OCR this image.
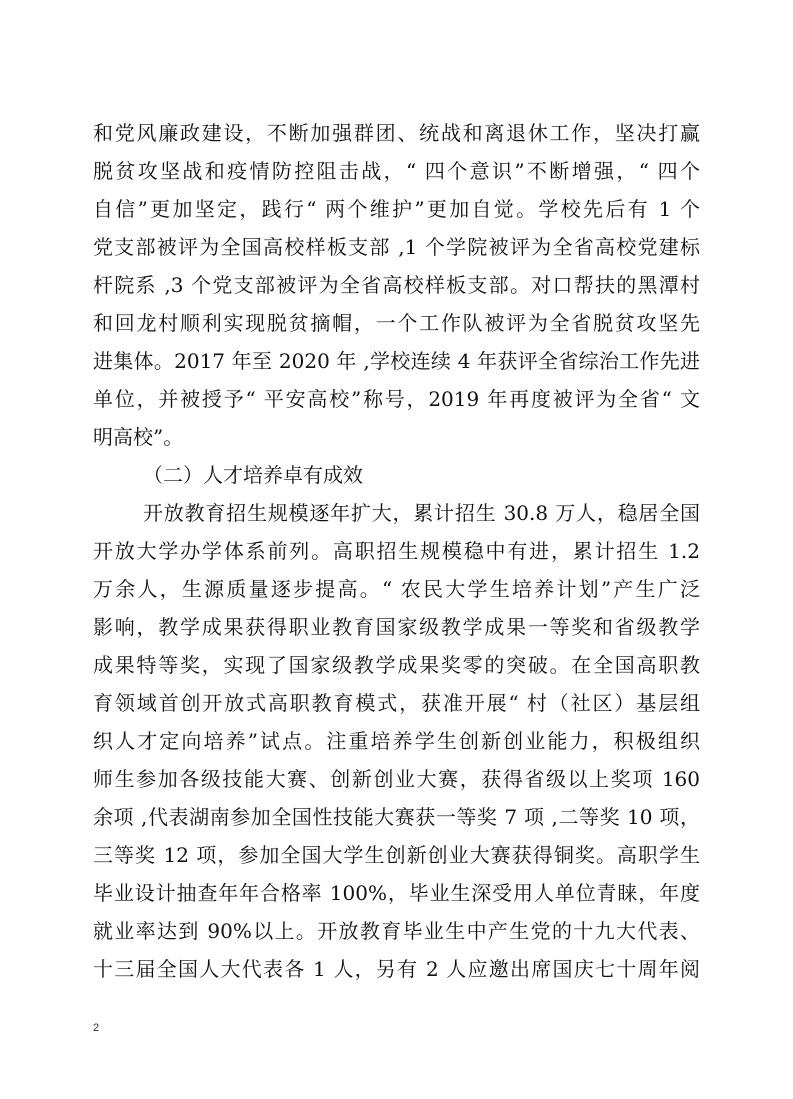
和党风廉政建设，不断加强群团、统战和离退休工作，坚决打赢
脱贫攻坚战和疫情防控阻击战，“ 四个意识”不断增强，“ 四个
自信”更加坚定，践行“ 两个维护”更加自觉。学校先后有 1 个
党支部被评为全国高校样板支部 ,1 个学院被评为全省高校党建标
杆院系 ,3 个党支部被评为全省高校样板支部。对口帮扶的黑潭村
和回龙村顺利实现脱贫摘帽，一个工作队被评为全省脱贫攻坚先
进集体。2017 年至 2020 年 ,学校连续 4 年获评全省综治工作先进
单位，并被授予“ 平安高校”称号，2019 年再度被评为全省“ 文
明高校”。
（二）人才培养卓有成效
开放教育招生规模逐年扩大，累计招生 30.8 万人，稳居全国
开放大学办学体系前列。高职招生规模稳中有进，累计招生 1.2
万余人，生源质量逐步提高。“ 农民大学生培养计划”产生广泛
影响，教学成果获得职业教育国家级教学成果一等奖和省级教学
成果特等奖，实现了国家级教学成果奖零的突破。在全国高职教
育领域首创开放式高职教育模式，获准开展“ 村（社区）基层组
织人才定向培养”试点。注重培养学生创新创业能力，积极组织
师生参加各级技能大赛、创新创业大赛，获得省级以上奖项 160
余项 ,代表湖南参加全国性技能大赛获一等奖 7 项 ,二等奖 10 项，
三等奖 12 项，参加全国大学生创新创业大赛获得铜奖。高职学生
毕业设计抽查年年合格率 100%，毕业生深受用人单位青睐，年度
就业率达到 90%以上。开放教育毕业生中产生党的十九大代表、
十三届全国人大代表各 1 人，另有 2 人应邀出席国庆七十周年阅
2
